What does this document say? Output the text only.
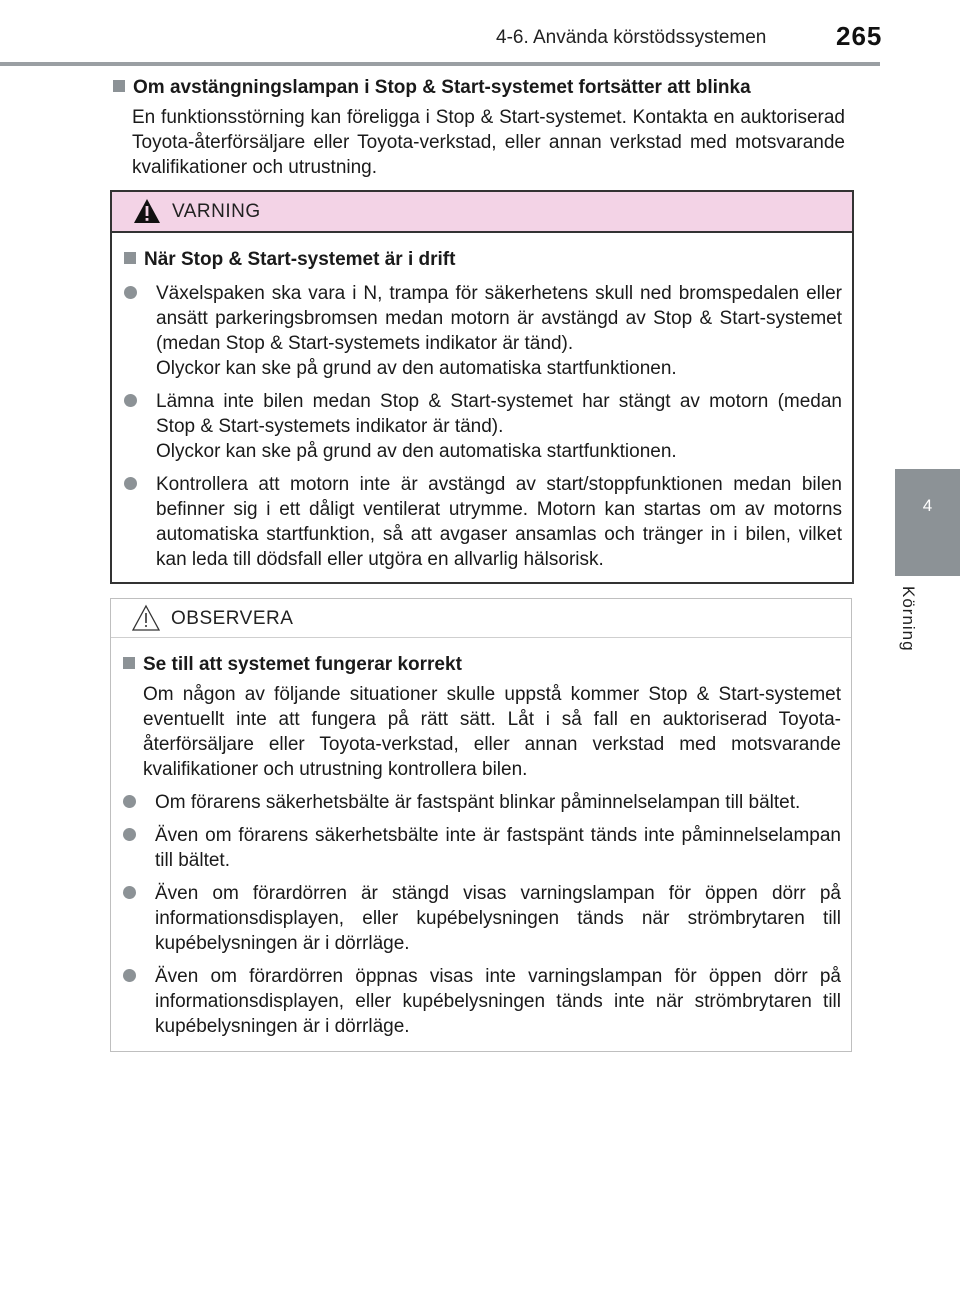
4-6. Använda körstödssystemen	265
4
Körning
Om avstängningslampan i Stop & Start-systemet fortsätter att blinka
En funktionsstörning kan föreligga i Stop & Start-systemet. Kontakta en auktoriserad Toyota-återförsäljare eller Toyota-verkstad, eller annan verkstad med motsvarande kvalifikationer och utrustning.
VARNING
När Stop & Start-systemet är i drift
Växelspaken ska vara i N, trampa för säkerhetens skull ned bromspedalen eller ansätt parkeringsbromsen medan motorn är avstängd av Stop & Start-systemet (medan Stop & Start-systemets indikator är tänd).
Olyckor kan ske på grund av den automatiska startfunktionen.
Lämna inte bilen medan Stop & Start-systemet har stängt av motorn (medan Stop & Start-systemets indikator är tänd).
Olyckor kan ske på grund av den automatiska startfunktionen.
Kontrollera att motorn inte är avstängd av start/stoppfunktionen medan bilen befinner sig i ett dåligt ventilerat utrymme. Motorn kan startas om av motorns automatiska startfunktion, så att avgaser ansamlas och tränger in i bilen, vilket kan leda till dödsfall eller utgöra en allvarlig hälsorisk.
OBSERVERA
Se till att systemet fungerar korrekt
Om någon av följande situationer skulle uppstå kommer Stop & Start-systemet eventuellt inte att fungera på rätt sätt. Låt i så fall en auktoriserad Toyota-återförsäljare eller Toyota-verkstad, eller annan verkstad med motsvarande kvalifikationer och utrustning kontrollera bilen.
Om förarens säkerhetsbälte är fastspänt blinkar påminnelselampan till bältet.
Även om förarens säkerhetsbälte inte är fastspänt tänds inte påminnelselampan till bältet.
Även om förardörren är stängd visas varningslampan för öppen dörr på informationsdisplayen, eller kupébelysningen tänds när strömbrytaren till kupébelysningen är i dörrläge.
Även om förardörren öppnas visas inte varningslampan för öppen dörr på informationsdisplayen, eller kupébelysningen tänds inte när strömbrytaren till kupébelysningen är i dörrläge.
